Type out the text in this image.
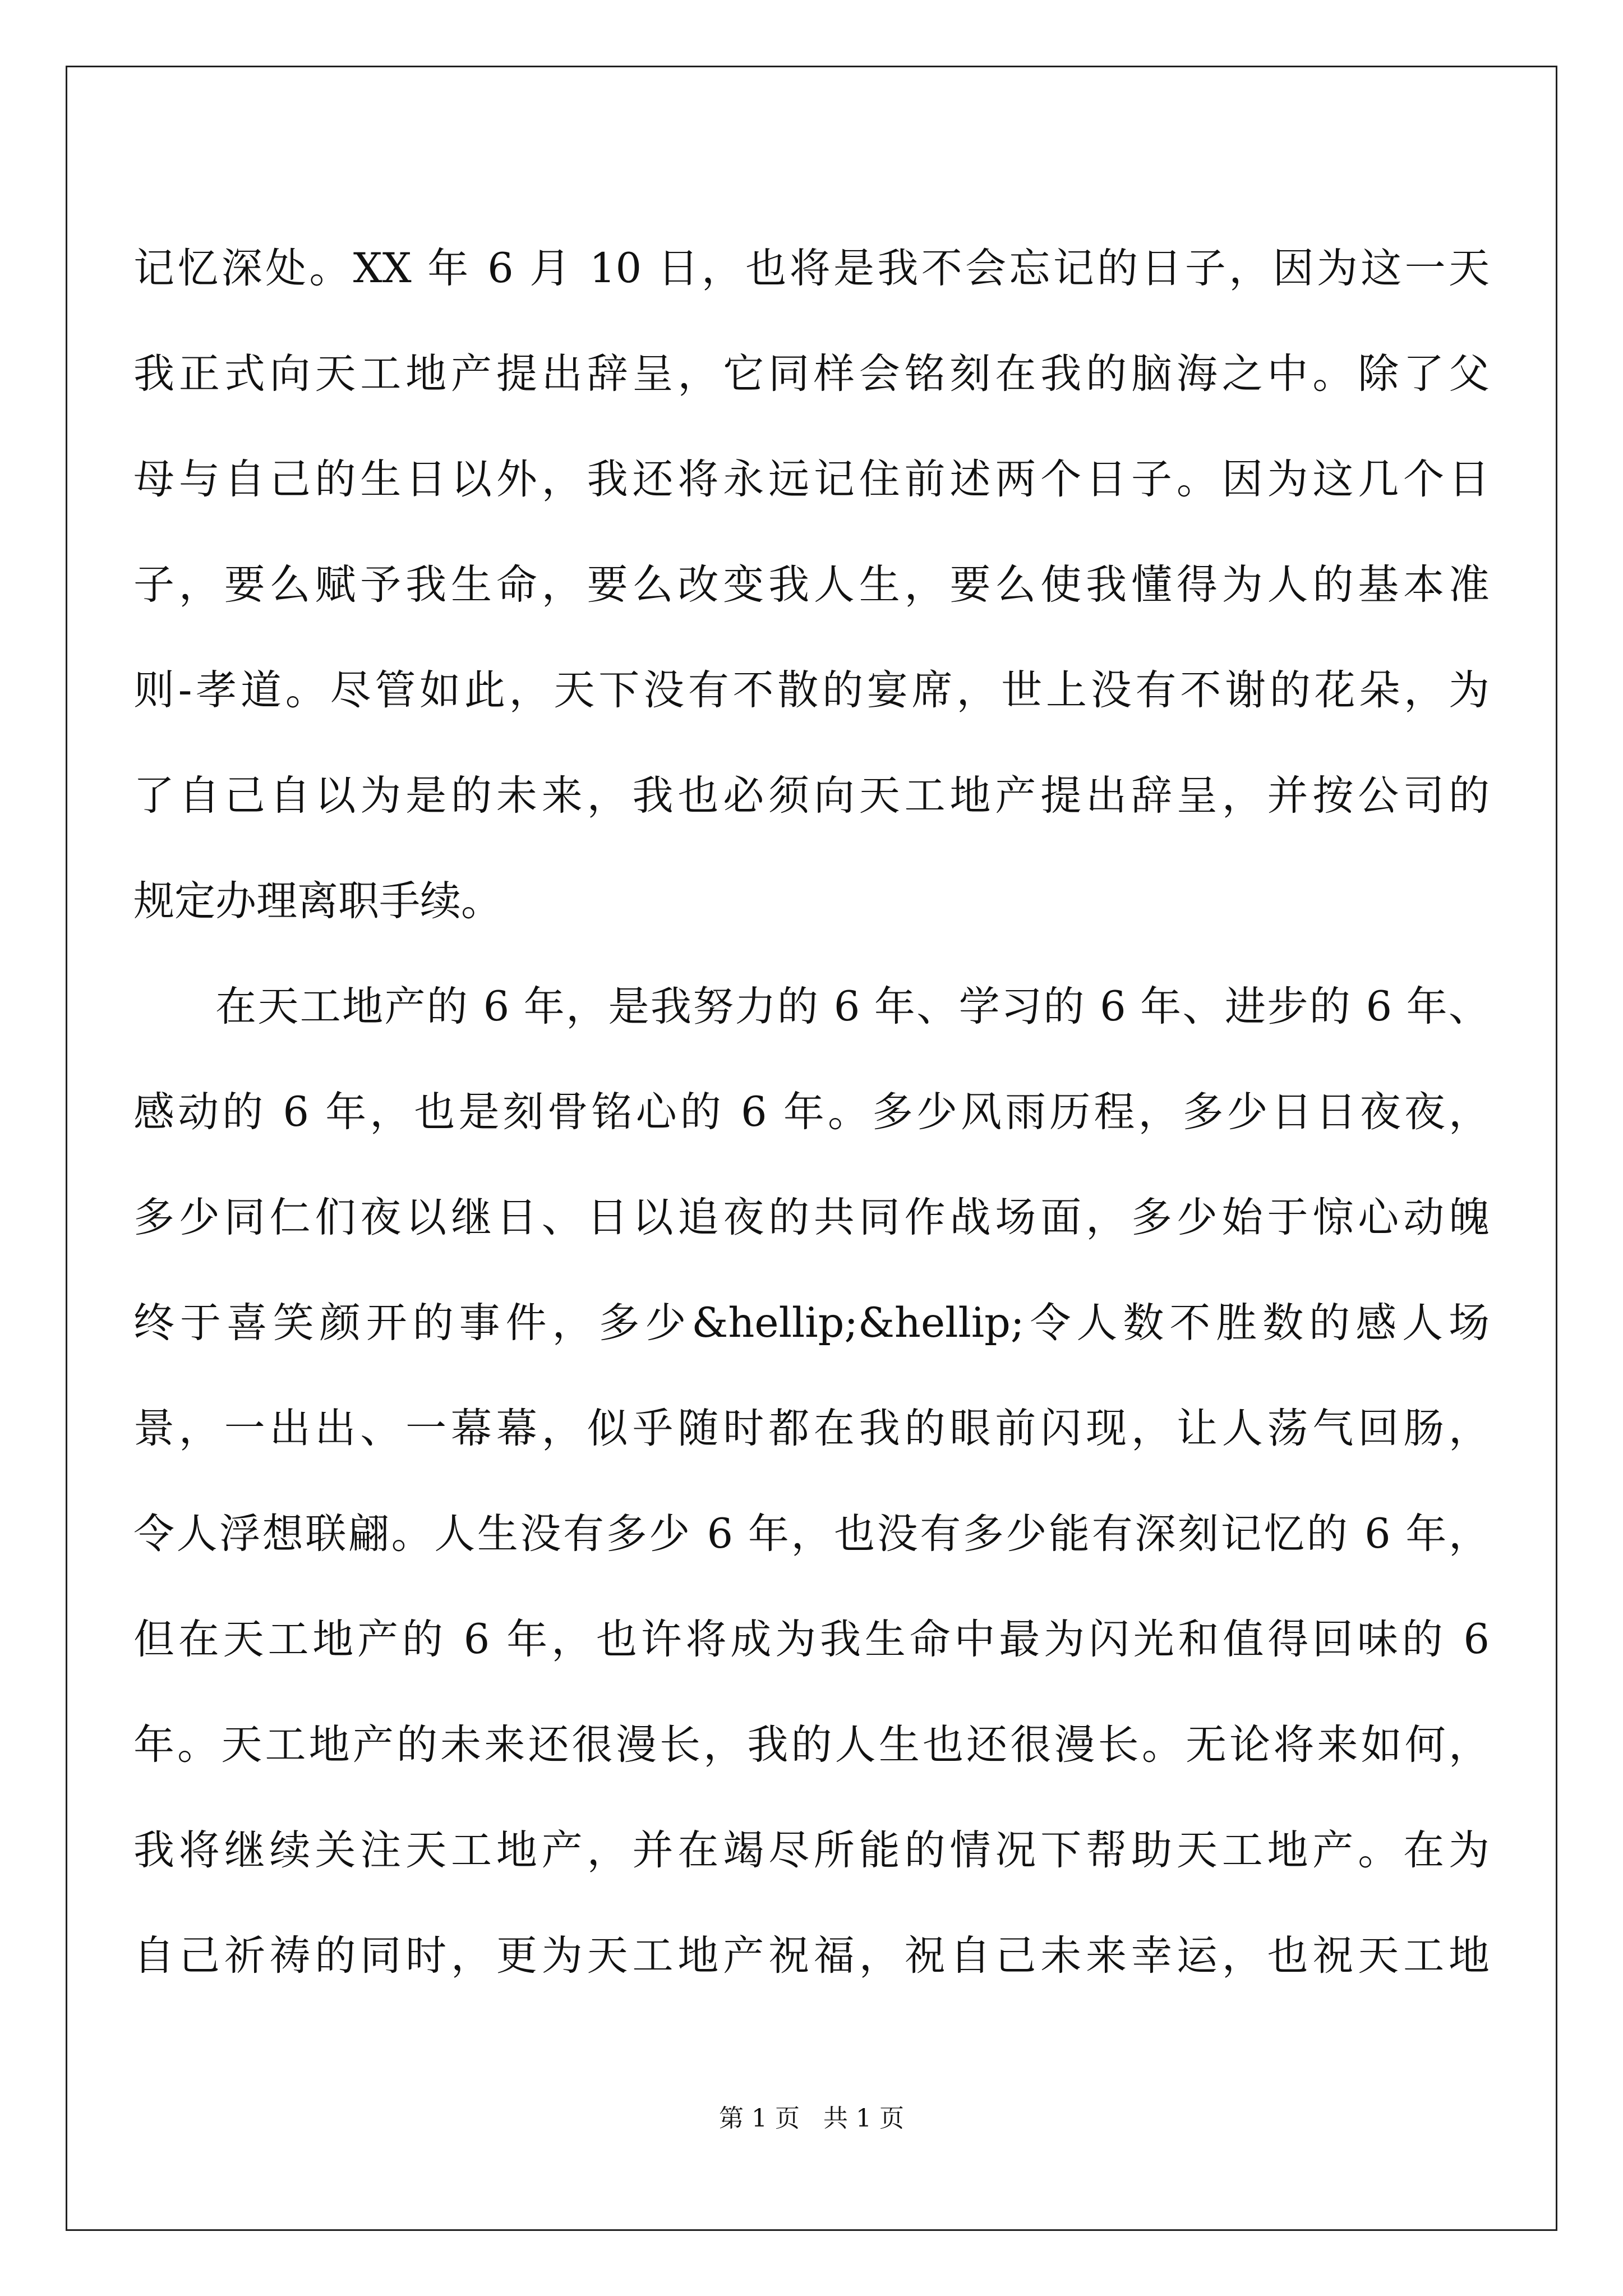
记忆深处。XX 年 6 月 10 日，也将是我不会忘记的日子，因为这一天
我正式向天工地产提出辞呈，它同样会铭刻在我的脑海之中。除了父
母与自己的生日以外，我还将永远记住前述两个日子。因为这几个日
子，要么赋予我生命，要么改变我人生，要么使我懂得为人的基本准
则-孝道。尽管如此，天下没有不散的宴席，世上没有不谢的花朵，为
了自己自以为是的未来，我也必须向天工地产提出辞呈，并按公司的
规定办理离职手续。
在天工地产的 6 年，是我努力的 6 年、学习的 6 年、进步的 6 年、
感动的 6 年，也是刻骨铭心的 6 年。多少风雨历程，多少日日夜夜，
多少同仁们夜以继日、日以追夜的共同作战场面，多少始于惊心动魄
终于喜笑颜开的事件，多少&hellip;&hellip;令人数不胜数的感人场
景，一出出、一幕幕，似乎随时都在我的眼前闪现，让人荡气回肠，
令人浮想联翩。人生没有多少 6 年，也没有多少能有深刻记忆的 6 年，
但在天工地产的 6 年，也许将成为我生命中最为闪光和值得回味的 6
年。天工地产的未来还很漫长，我的人生也还很漫长。无论将来如何，
我将继续关注天工地产，并在竭尽所能的情况下帮助天工地产。在为
自己祈祷的同时，更为天工地产祝福，祝自己未来幸运，也祝天工地
第 1 页 共 1 页
